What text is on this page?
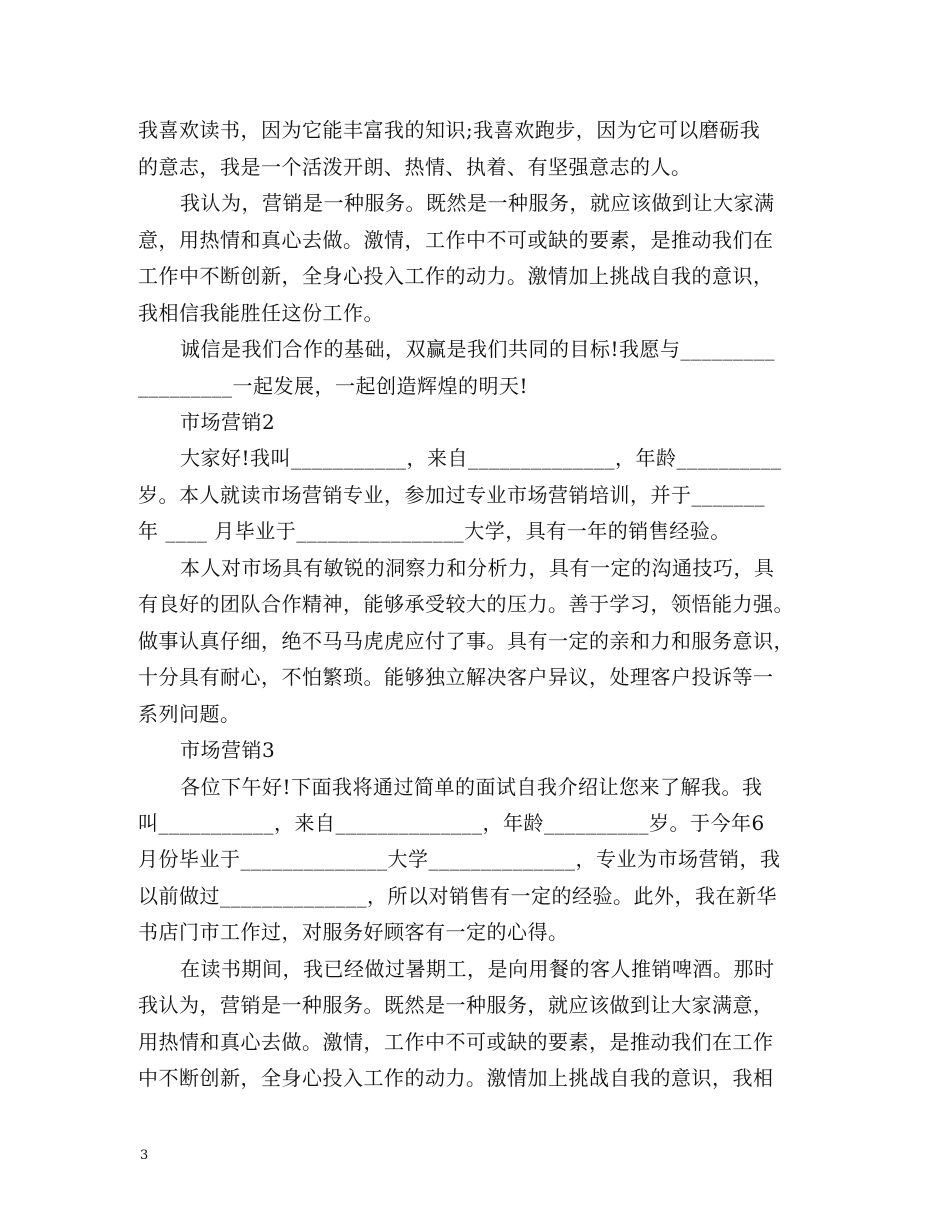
我喜欢读书，因为它能丰富我的知识;我喜欢跑步，因为它可以磨砺我
的意志，我是一个活泼开朗、热情、执着、有坚强意志的人。
我认为，营销是一种服务。既然是一种服务，就应该做到让大家满
意，用热情和真心去做。激情，工作中不可或缺的要素，是推动我们在
工作中不断创新，全身心投入工作的动力。激情加上挑战自我的意识，
我相信我能胜任这份工作。
诚信是我们合作的基础，双赢是我们共同的目标!我愿与_________
_________一起发展，一起创造辉煌的明天!
市场营销2
大家好!我叫___________，来自______________，年龄__________
岁。本人就读市场营销专业，参加过专业市场营销培训，并于_______
年 ____ 月毕业于________________大学，具有一年的销售经验。
本人对市场具有敏锐的洞察力和分析力，具有一定的沟通技巧，具
有良好的团队合作精神，能够承受较大的压力。善于学习，领悟能力强。
做事认真仔细，绝不马马虎虎应付了事。具有一定的亲和力和服务意识，
十分具有耐心，不怕繁琐。能够独立解决客户异议，处理客户投诉等一
系列问题。
市场营销3
各位下午好!下面我将通过简单的面试自我介绍让您来了解我。我
叫___________，来自______________，年龄__________岁。于今年6
月份毕业于______________大学______________，专业为市场营销，我
以前做过______________，所以对销售有一定的经验。此外，我在新华
书店门市工作过，对服务好顾客有一定的心得。
在读书期间，我已经做过暑期工，是向用餐的客人推销啤酒。那时
我认为，营销是一种服务。既然是一种服务，就应该做到让大家满意，
用热情和真心去做。激情，工作中不可或缺的要素，是推动我们在工作
中不断创新，全身心投入工作的动力。激情加上挑战自我的意识，我相
3
